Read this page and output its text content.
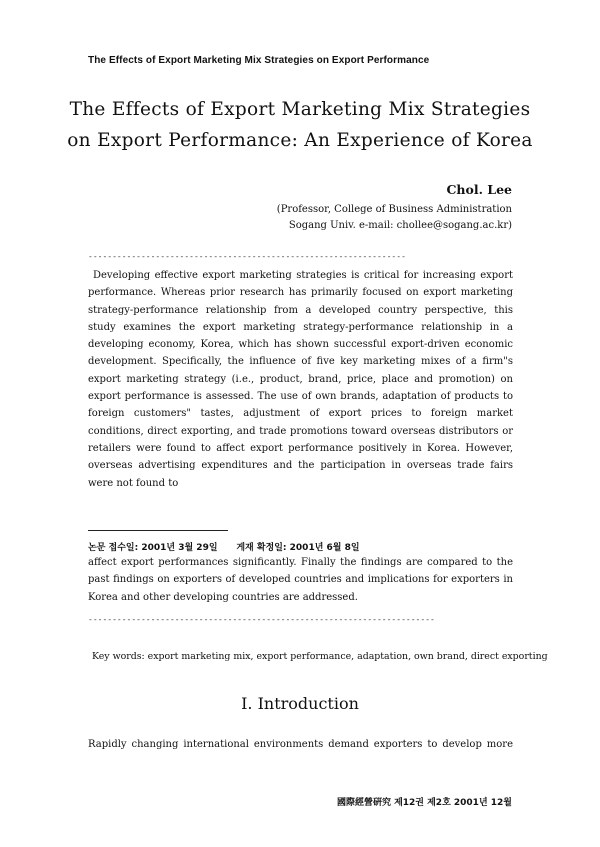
The Effects of Export Marketing Mix Strategies on Export Performance
The Effects of Export Marketing Mix Strategies
on Export Performance: An Experience of Korea
Chol. Lee
(Professor, College of Business Administration
Sogang Univ. e-mail: chollee@sogang.ac.kr)
------------------------------------------------------------------
Developing effective export marketing strategies is critical for increasing export performance. Whereas prior research has primarily focused on export marketing strategy-performance relationship from a developed country perspective, this study examines the export marketing strategy-performance relationship in a developing economy, Korea, which has shown successful export-driven economic development. Specifically, the influence of five key marketing mixes of a firm"s export marketing strategy (i.e., product, brand, price, place and promotion) on export performance is assessed. The use of own brands, adaptation of products to foreign customers" tastes, adjustment of export prices to foreign market conditions, direct exporting, and trade promotions toward overseas distributors or retailers were found to affect export performance positively in Korea. However, overseas advertising expenditures and the participation in overseas trade fairs were not found to
논문 접수일: 2001년 3월 29일      게재 확정일: 2001년 6월 8일
affect export performances significantly. Finally the findings are compared to the past findings on exporters of developed countries and implications for exporters in Korea and other developing countries are addressed.
------------------------------------------------------------------------
Key words: export marketing mix, export performance, adaptation, own brand, direct exporting
I. Introduction
Rapidly changing international environments demand exporters to develop more
國際經營硏究 제12권 제2호 2001년 12월
